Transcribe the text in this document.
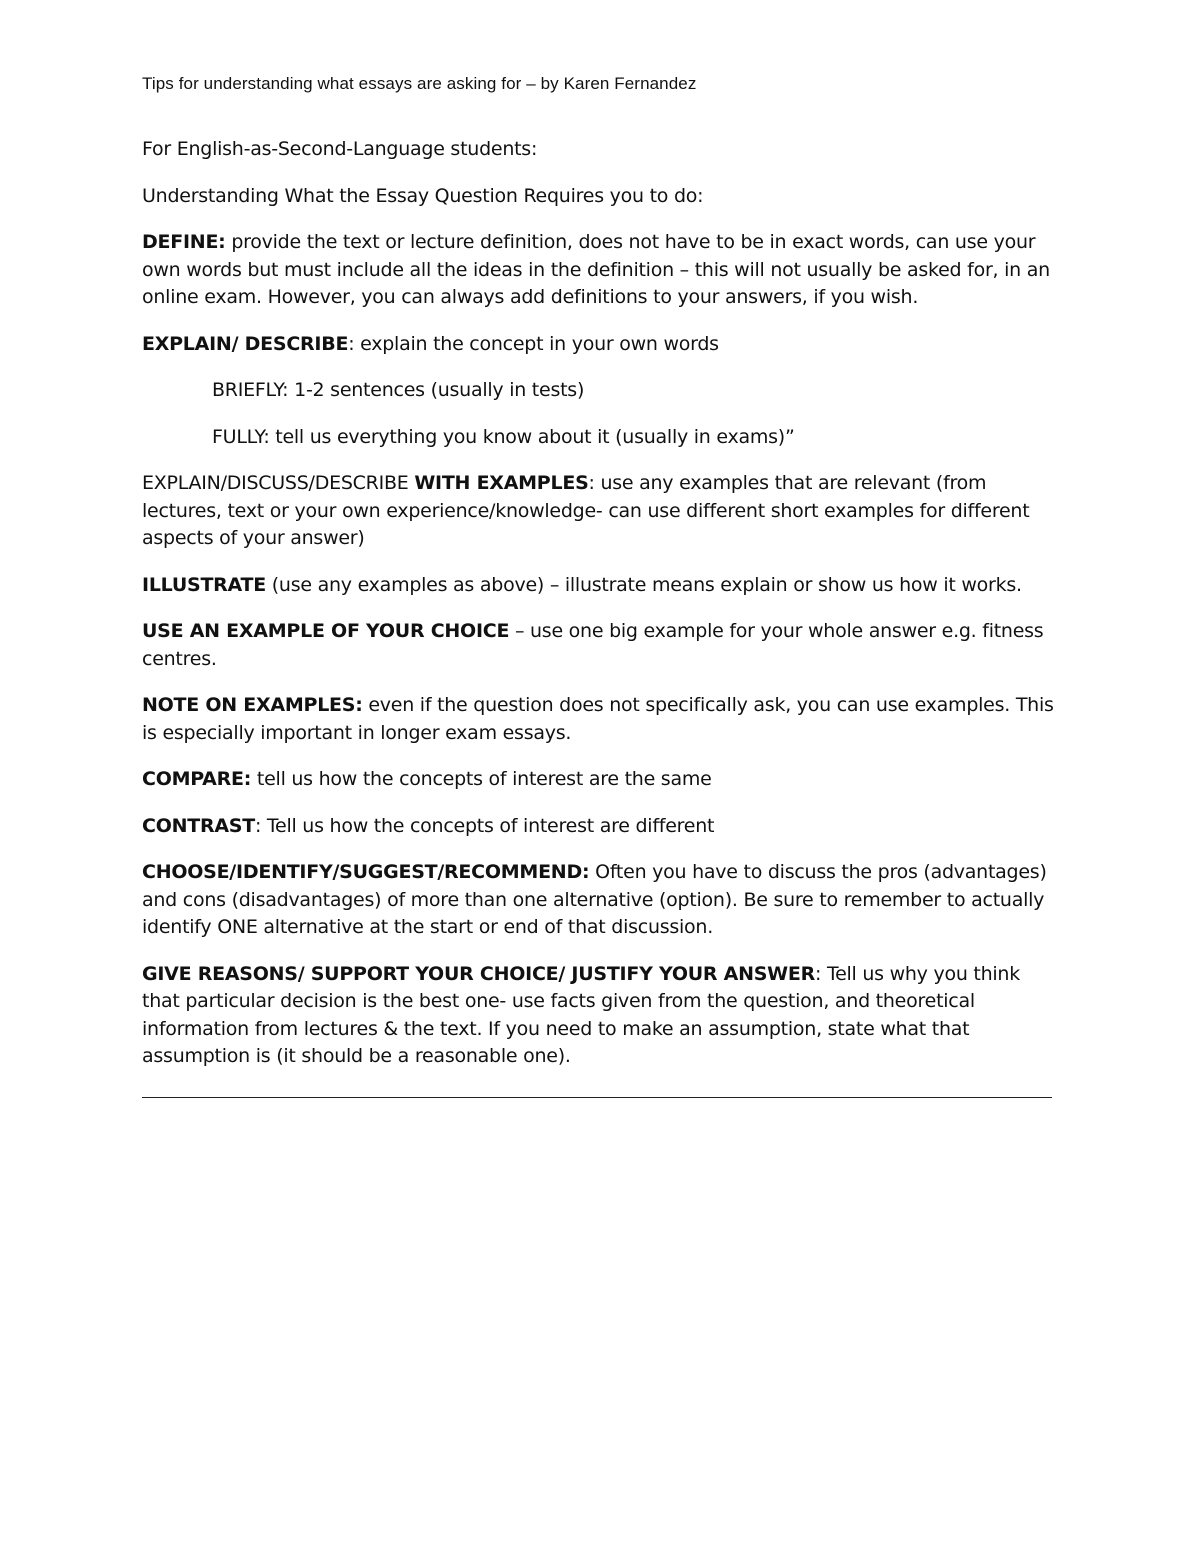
Tips for understanding what essays are asking for – by Karen Fernandez

For English-as-Second-Language students:

Understanding What the Essay Question Requires you to do:

DEFINE: provide the text or lecture definition, does not have to be in exact words, can use your own words but must include all the ideas in the definition – this will not usually be asked for, in an online exam. However, you can always add definitions to your answers, if you wish.

EXPLAIN/ DESCRIBE: explain the concept in your own words

BRIEFLY: 1-2 sentences (usually in tests)

FULLY: tell us everything you know about it (usually in exams)”

EXPLAIN/DISCUSS/DESCRIBE WITH EXAMPLES: use any examples that are relevant (from lectures, text or your own experience/knowledge- can use different short examples for different aspects of your answer)

ILLUSTRATE (use any examples as above) – illustrate means explain or show us how it works.

USE AN EXAMPLE OF YOUR CHOICE – use one big example for your whole answer e.g. fitness centres.

NOTE ON EXAMPLES: even if the question does not specifically ask, you can use examples. This is especially important in longer exam essays.

COMPARE: tell us how the concepts of interest are the same

CONTRAST: Tell us how the concepts of interest are different

CHOOSE/IDENTIFY/SUGGEST/RECOMMEND: Often you have to discuss the pros (advantages) and cons (disadvantages) of more than one alternative (option). Be sure to remember to actually identify ONE alternative at the start or end of that discussion.

GIVE REASONS/ SUPPORT YOUR CHOICE/ JUSTIFY YOUR ANSWER: Tell us why you think that particular decision is the best one- use facts given from the question, and theoretical information from lectures & the text. If you need to make an assumption, state what that assumption is (it should be a reasonable one).
